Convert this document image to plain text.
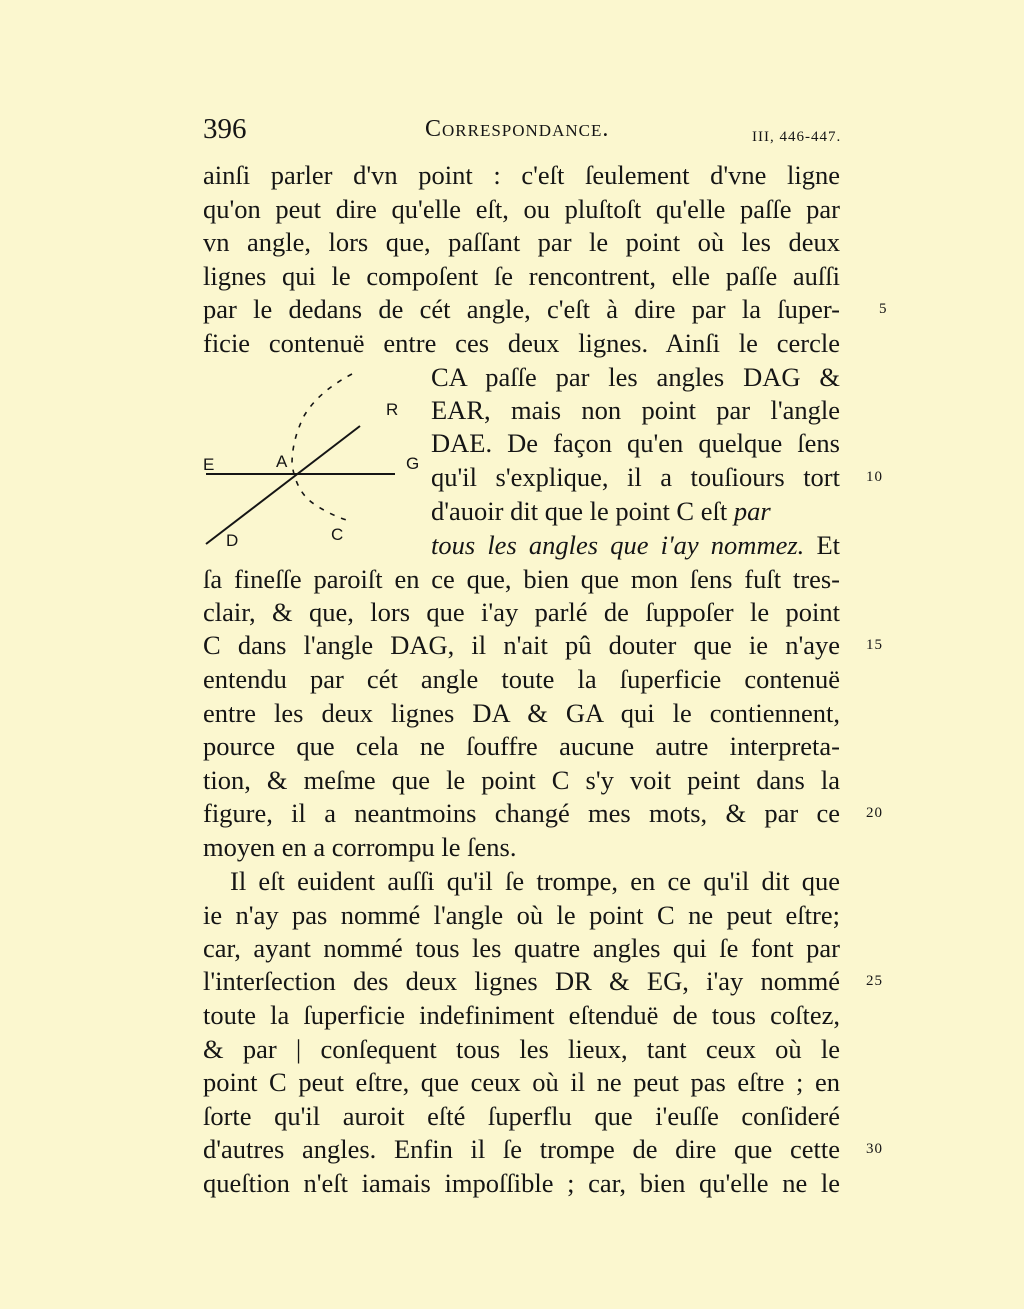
396	Correspondance.	III, 446-447.
ainſi parler d'vn point : c'eſt ſeulement d'vne ligne
qu'on peut dire qu'elle eſt, ou pluſtoſt qu'elle paſſe par
vn angle, lors que, paſſant par le point où les deux
lignes qui le compoſent ſe rencontrent, elle paſſe auſſi
par le dedans de cét angle, c'eſt à dire par la ſuper-
ficie contenuë entre ces deux lignes. Ainſi le cercle
CA paſſe par les angles DAG &
EAR, mais non point par l'angle
DAE. De façon qu'en quelque ſens
qu'il s'explique, il a touſiours tort
d'auoir dit que le point C eſt par
tous les angles que i'ay nommez. Et
ſa fineſſe paroiſt en ce que, bien que mon ſens fuſt tres-
clair, & que, lors que i'ay parlé de ſuppoſer le point
C dans l'angle DAG, il n'ait pû douter que ie n'aye
entendu par cét angle toute la ſuperficie contenuë
entre les deux lignes DA & GA qui le contiennent,
pource que cela ne ſouffre aucune autre interpreta-
tion, & meſme que le point C s'y voit peint dans la
figure, il a neantmoins changé mes mots, & par ce
moyen en a corrompu le ſens.
Il eſt euident auſſi qu'il ſe trompe, en ce qu'il dit que
ie n'ay pas nommé l'angle où le point C ne peut eſtre;
car, ayant nommé tous les quatre angles qui ſe font par
l'interſection des deux lignes DR & EG, i'ay nommé
toute la ſuperficie indefiniment eſtenduë de tous coſtez,
& par | conſequent tous les lieux, tant ceux où le
point C peut eſtre, que ceux où il ne peut pas eſtre ; en
ſorte qu'il auroit eſté ſuperflu que i'euſſe conſideré
d'autres angles. Enfin il ſe trompe de dire que cette
queſtion n'eſt iamais impoſſible ; car, bien qu'elle ne le
5
10
15
20
25
30
E	A	G
R
D	C
